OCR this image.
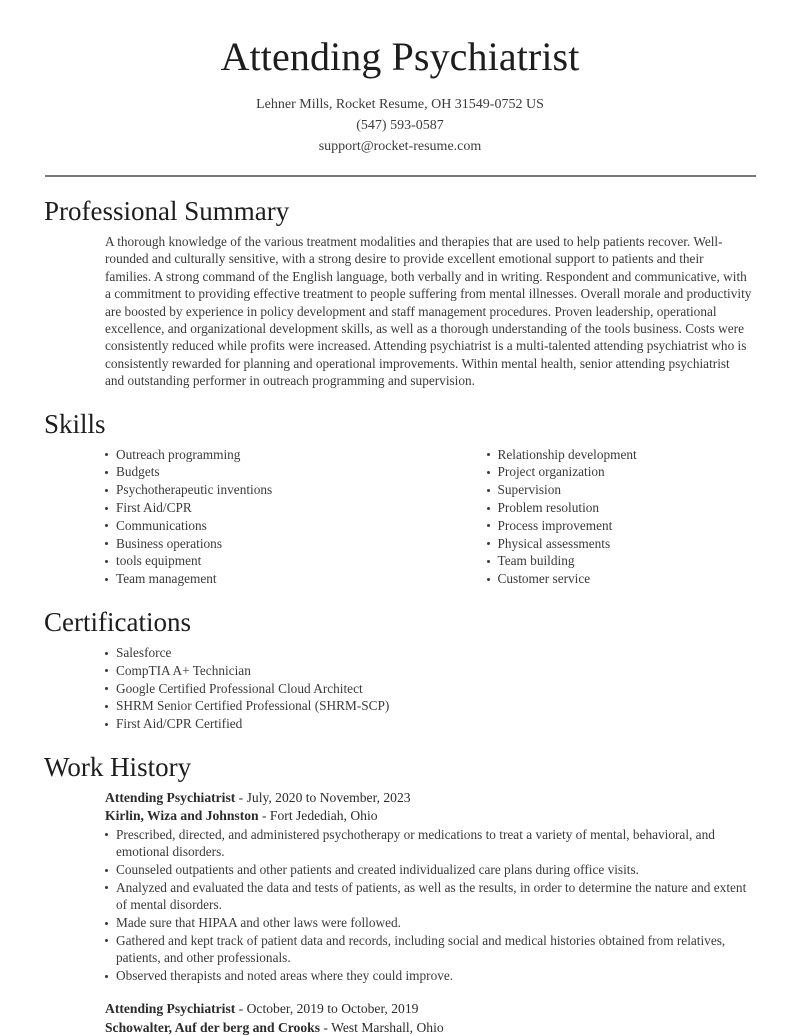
Attending Psychiatrist

Lehner Mills, Rocket Resume, OH 31549-0752 US

(547) 593-0587

support@rocket-resume.com

Professional Summary

A thorough knowledge of the various treatment modalities and therapies that are used to help patients recover. Well-rounded and culturally sensitive, with a strong desire to provide excellent emotional support to patients and their families. A strong command of the English language, both verbally and in writing. Respondent and communicative, with a commitment to providing effective treatment to people suffering from mental illnesses. Overall morale and productivity are boosted by experience in policy development and staff management procedures. Proven leadership, operational excellence, and organizational development skills, as well as a thorough understanding of the tools business. Costs were consistently reduced while profits were increased. Attending psychiatrist is a multi-talented attending psychiatrist who is consistently rewarded for planning and operational improvements. Within mental health, senior attending psychiatrist and outstanding performer in outreach programming and supervision.

Skills
Outreach programming
Budgets
Psychotherapeutic inventions
First Aid/CPR
Communications
Business operations
tools equipment
Team management
Relationship development
Project organization
Supervision
Problem resolution
Process improvement
Physical assessments
Team building
Customer service
Certifications
Salesforce
CompTIA A+ Technician
Google Certified Professional Cloud Architect
SHRM Senior Certified Professional (SHRM-SCP)
First Aid/CPR Certified
Work History

Attending Psychiatrist - July, 2020 to November, 2023

Kirlin, Wiza and Johnston - Fort Jedediah, Ohio

Prescribed, directed, and administered psychotherapy or medications to treat a variety of mental, behavioral, and emotional disorders.
Counseled outpatients and other patients and created individualized care plans during office visits.
Analyzed and evaluated the data and tests of patients, as well as the results, in order to determine the nature and extent of mental disorders.
Made sure that HIPAA and other laws were followed.
Gathered and kept track of patient data and records, including social and medical histories obtained from relatives, patients, and other professionals.
Observed therapists and noted areas where they could improve.

Attending Psychiatrist - October, 2019 to October, 2019

Schowalter, Auf der berg and Crooks - West Marshall, Ohio
